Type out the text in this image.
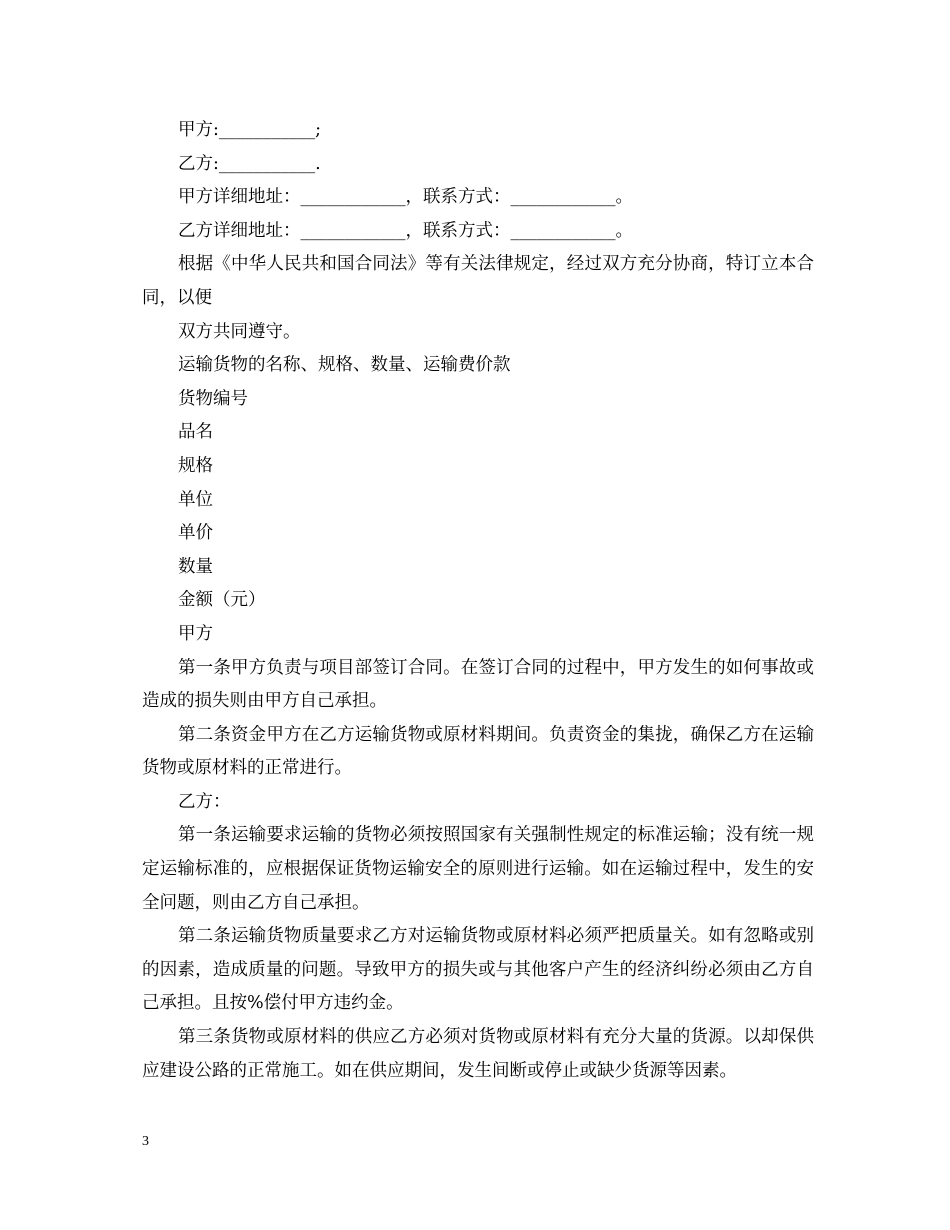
甲方:___________;

乙方:___________.

甲方详细地址：____________，联系方式：____________。

乙方详细地址：____________，联系方式：____________。

根据《中华人民共和国合同法》等有关法律规定，经过双方充分协商，特订立本合同，以便

双方共同遵守。

运输货物的名称、规格、数量、运输费价款

货物编号

品名

规格

单位

单价

数量

金额（元）

甲方

第一条甲方负责与项目部签订合同。在签订合同的过程中，甲方发生的如何事故或造成的损失则由甲方自己承担。

第二条资金甲方在乙方运输货物或原材料期间。负责资金的集拢，确保乙方在运输货物或原材料的正常进行。

乙方：

第一条运输要求运输的货物必须按照国家有关强制性规定的标准运输；没有统一规定运输标准的，应根据保证货物运输安全的原则进行运输。如在运输过程中，发生的安全问题，则由乙方自己承担。

第二条运输货物质量要求乙方对运输货物或原材料必须严把质量关。如有忽略或别的因素，造成质量的问题。导致甲方的损失或与其他客户产生的经济纠纷必须由乙方自己承担。且按%偿付甲方违约金。

第三条货物或原材料的供应乙方必须对货物或原材料有充分大量的货源。以却保供应建设公路的正常施工。如在供应期间，发生间断或停止或缺少货源等因素。

3
